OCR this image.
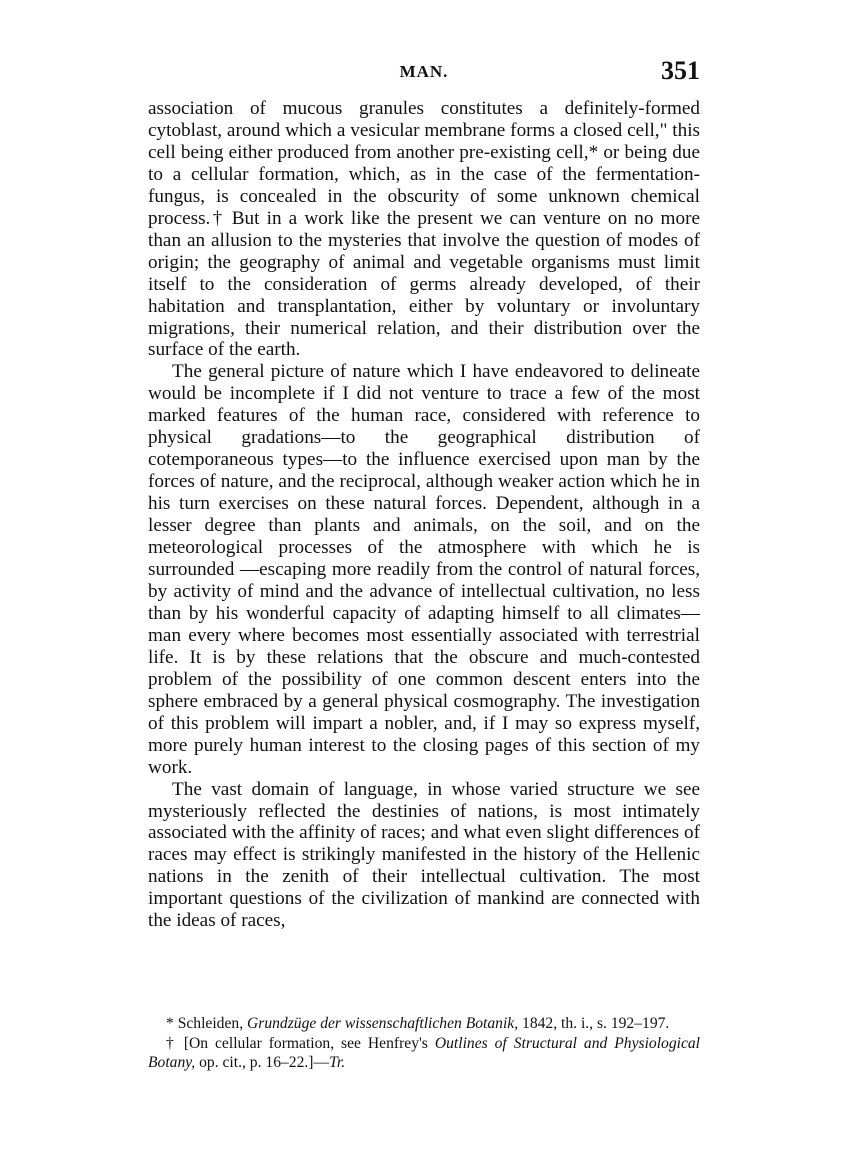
MAN.	351

association of mucous granules constitutes a definitely-formed cytoblast, around which a vesicular membrane forms a closed cell," this cell being either produced from another pre-existing cell,* or being due to a cellular formation, which, as in the case of the fermentation-fungus, is concealed in the obscurity of some unknown chemical process.† But in a work like the present we can venture on no more than an allusion to the mysteries that involve the question of modes of origin; the geography of animal and vegetable organisms must limit itself to the consideration of germs already developed, of their habitation and transplantation, either by voluntary or involuntary migrations, their numerical relation, and their distribution over the surface of the earth.

The general picture of nature which I have endeavored to delineate would be incomplete if I did not venture to trace a few of the most marked features of the human race, considered with reference to physical gradations—to the geographical distribution of cotemporaneous types—to the influence exercised upon man by the forces of nature, and the reciprocal, although weaker action which he in his turn exercises on these natural forces. Dependent, although in a lesser degree than plants and animals, on the soil, and on the meteorological processes of the atmosphere with which he is surrounded —escaping more readily from the control of natural forces, by activity of mind and the advance of intellectual cultivation, no less than by his wonderful capacity of adapting himself to all climates—man every where becomes most essentially associated with terrestrial life. It is by these relations that the obscure and much-contested problem of the possibility of one common descent enters into the sphere embraced by a general physical cosmography. The investigation of this problem will impart a nobler, and, if I may so express myself, more purely human interest to the closing pages of this section of my work.

The vast domain of language, in whose varied structure we see mysteriously reflected the destinies of nations, is most intimately associated with the affinity of races; and what even slight differences of races may effect is strikingly manifested in the history of the Hellenic nations in the zenith of their intellectual cultivation. The most important questions of the civilization of mankind are connected with the ideas of races,

* Schleiden, Grundzüge der wissenschaftlichen Botanik, 1842, th. i., s. 192–197.

† [On cellular formation, see Henfrey's Outlines of Structural and Physiological Botany, op. cit., p. 16–22.]—Tr.
